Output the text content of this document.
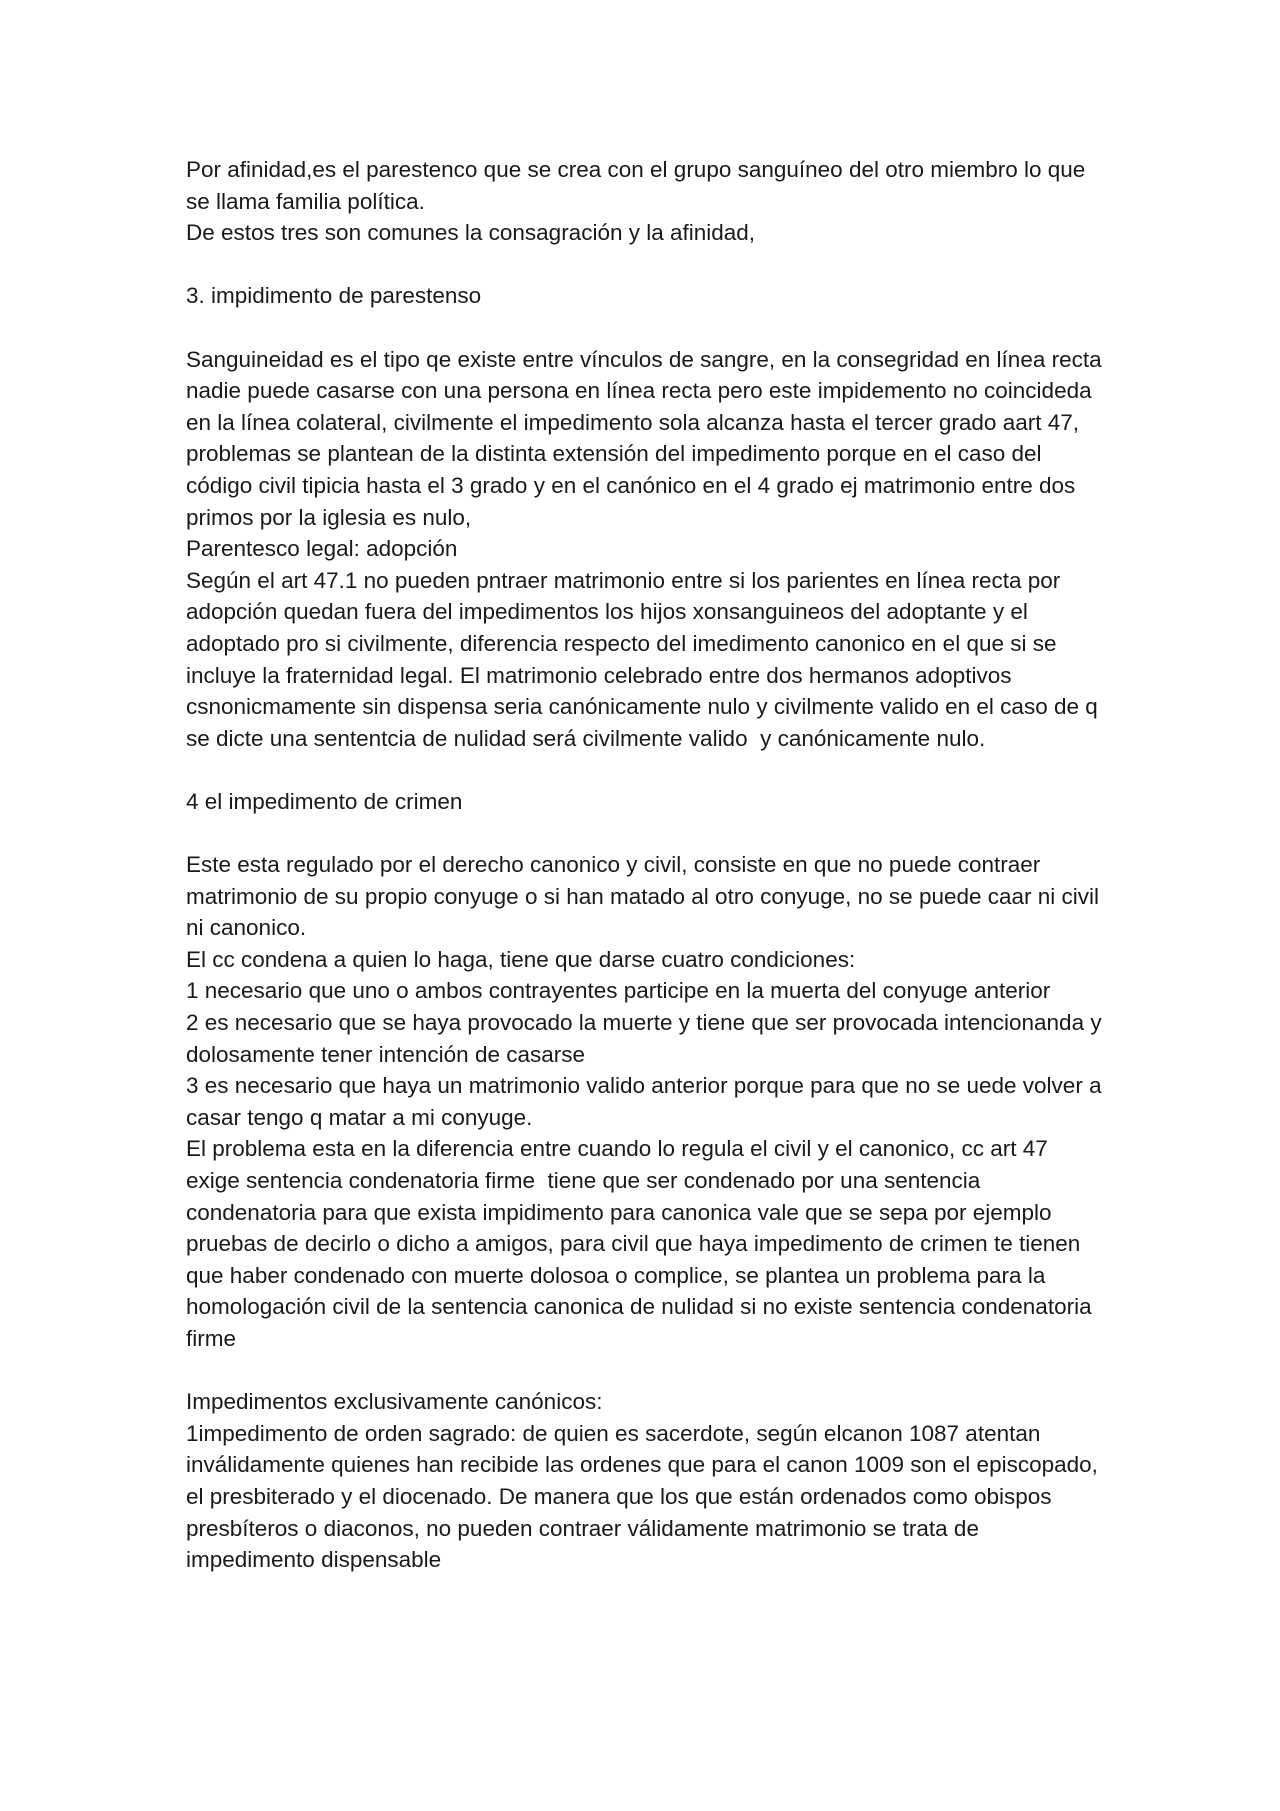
Por afinidad,es el parestenco que se crea con el grupo sanguíneo del otro miembro lo que se llama familia política.

De estos tres son comunes la consagración y la afinidad,

3. impidimento de parestenso

Sanguineidad es el tipo qe existe entre vínculos de sangre, en la consegridad en línea recta nadie puede casarse con una persona en línea recta pero este impidemento no coincideda en la línea colateral, civilmente el impedimento sola alcanza hasta el tercer grado aart 47, problemas se plantean de la distinta extensión del impedimento porque en el caso del código civil tipicia hasta el 3 grado y en el canónico en el 4 grado ej matrimonio entre dos primos por la iglesia es nulo,

Parentesco legal: adopción

Según el art 47.1 no pueden pntraer matrimonio entre si los parientes en línea recta por adopción quedan fuera del impedimentos los hijos xonsanguineos del adoptante y el adoptado pro si civilmente, diferencia respecto del imedimento canonico en el que si se incluye la fraternidad legal. El matrimonio celebrado entre dos hermanos adoptivos csnonicmamente sin dispensa seria canónicamente nulo y civilmente valido en el caso de q se dicte una sententcia de nulidad será civilmente valido  y canónicamente nulo.

4 el impedimento de crimen

Este esta regulado por el derecho canonico y civil, consiste en que no puede contraer matrimonio de su propio conyuge o si han matado al otro conyuge, no se puede caar ni civil ni canonico.

El cc condena a quien lo haga, tiene que darse cuatro condiciones:

1 necesario que uno o ambos contrayentes participe en la muerta del conyuge anterior

2 es necesario que se haya provocado la muerte y tiene que ser provocada intencionanda y dolosamente tener intención de casarse

3 es necesario que haya un matrimonio valido anterior porque para que no se uede volver a casar tengo q matar a mi conyuge.

El problema esta en la diferencia entre cuando lo regula el civil y el canonico, cc art 47 exige sentencia condenatoria firme  tiene que ser condenado por una sentencia condenatoria para que exista impidimento para canonica vale que se sepa por ejemplo pruebas de decirlo o dicho a amigos, para civil que haya impedimento de crimen te tienen que haber condenado con muerte dolosoa o complice, se plantea un problema para la homologación civil de la sentencia canonica de nulidad si no existe sentencia condenatoria firme

Impedimentos exclusivamente canónicos:

1impedimento de orden sagrado: de quien es sacerdote, según elcanon 1087 atentan inválidamente quienes han recibide las ordenes que para el canon 1009 son el episcopado, el presbiterado y el diocenado. De manera que los que están ordenados como obispos presbíteros o diaconos, no pueden contraer válidamente matrimonio se trata de impedimento dispensable
